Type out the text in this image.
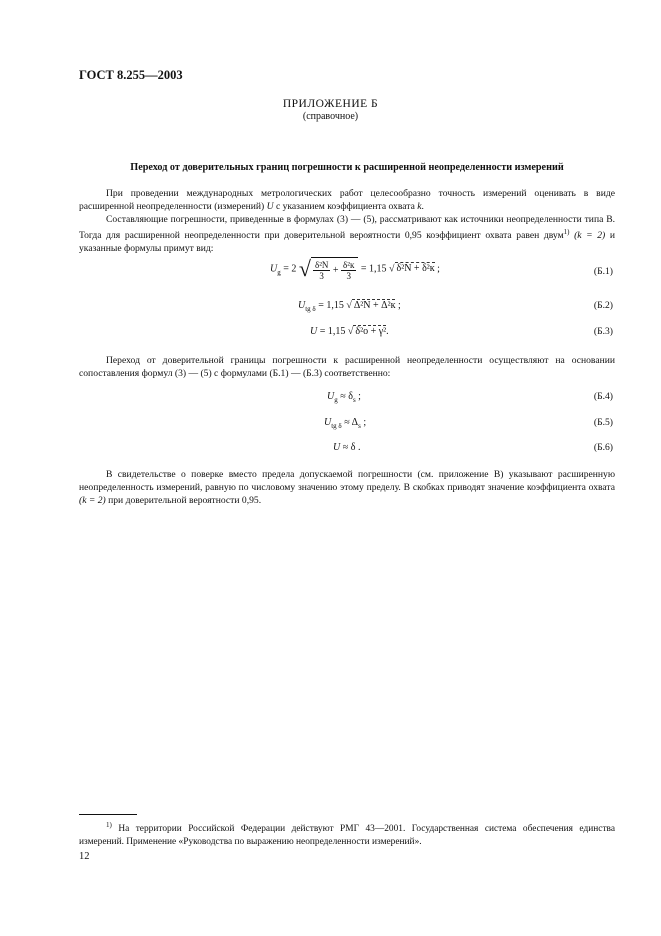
ГОСТ 8.255—2003
ПРИЛОЖЕНИЕ Б
(справочное)
Переход от доверительных границ погрешности к расширенной неопределенности измерений

При проведении международных метрологических работ целесообразно точность измерений оценивать в виде расширенной неопределенности (измерений) U с указанием коэффициента охвата k.

Составляющие погрешности, приведенные в формулах (3) — (5), рассматривают как источники неопределенности типа В. Тогда для расширенной неопределенности при доверительной вероятности 0,95 коэффициент охвата равен двум$^{1)}$ (k = 2) и указанные формулы примут вид:

$U_g = 2$ √ $\frac{\text{δ²N}}{3} + \frac{\text{δ²к}}{3} = 1,15$ √ δ²N + δ²к ;	(Б.1)
$U_{tg \delta} = 1,15$ √ Δ²N + Δ²к ;	(Б.2)
U = 1,15 √ δ²о + γ².	(Б.3)

Переход от доверительной границы погрешности к расширенной неопределенности осуществляют на основании сопоставления формул (3) — (5) с формулами (Б.1) — (Б.3) соответственно:

$U_g \approx \delta_s$ ;	(Б.4)
$U_{tg \delta} \approx \Delta_s$ ;	(Б.5)
U ≈ δ .	(Б.6)

В свидетельстве о поверке вместо предела допускаемой погрешности (см. приложение В) указывают расширенную неопределенность измерений, равную по числовому значению этому пределу. В скобках приводят значение коэффициента охвата (k = 2) при доверительной вероятности 0,95.

$^{1)}$ На территории Российской Федерации действуют РМГ 43—2001. Государственная система обеспечения единства измерений. Применение «Руководства по выражению неопределенности измерений».

12
